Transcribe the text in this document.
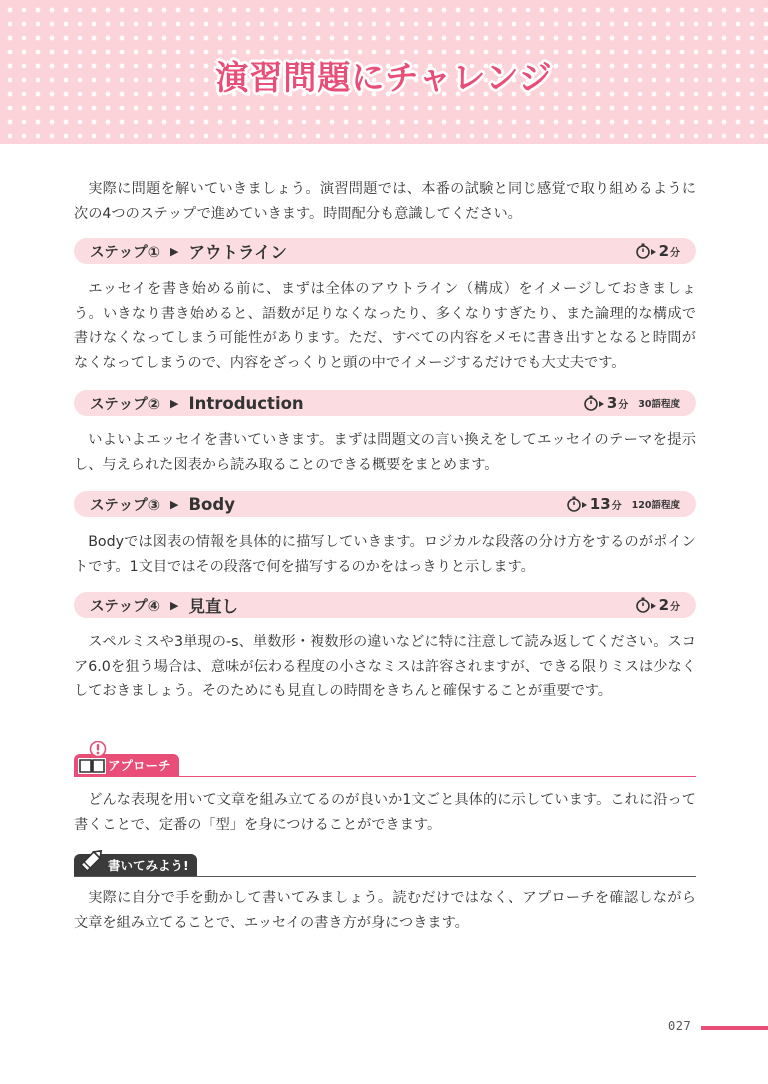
演習問題にチャレンジ

実際に問題を解いていきましょう。演習問題では、本番の試験と同じ感覚で取り組めるように次の4つのステップで進めていきます。時間配分も意識してください。

ステップ① ▶ アウトライン	2 分

エッセイを書き始める前に、まずは全体のアウトライン（構成）をイメージしておきましょう。いきなり書き始めると、語数が足りなくなったり、多くなりすぎたり、また論理的な構成で書けなくなってしまう可能性があります。ただ、すべての内容をメモに書き出すとなると時間がなくなってしまうので、内容をざっくりと頭の中でイメージするだけでも大丈夫です。

ステップ② ▶ Introduction	3 分 30語程度

いよいよエッセイを書いていきます。まずは問題文の言い換えをしてエッセイのテーマを提示し、与えられた図表から読み取ることのできる概要をまとめます。

ステップ③ ▶ Body	13 分 120語程度

Bodyでは図表の情報を具体的に描写していきます。ロジカルな段落の分け方をするのがポイントです。1文目ではその段落で何を描写するのかをはっきりと示します。

ステップ④ ▶ 見直し	2 分

スペルミスや3単現の-s、単数形・複数形の違いなどに特に注意して読み返してください。スコア6.0を狙う場合は、意味が伝わる程度の小さなミスは許容されますが、できる限りミスは少なくしておきましょう。そのためにも見直しの時間をきちんと確保することが重要です。

アプローチ

どんな表現を用いて文章を組み立てるのが良いか1文ごと具体的に示しています。これに沿って書くことで、定番の「型」を身につけることができます。

書いてみよう!

実際に自分で手を動かして書いてみましょう。読むだけではなく、アプローチを確認しながら文章を組み立てることで、エッセイの書き方が身につきます。

027
